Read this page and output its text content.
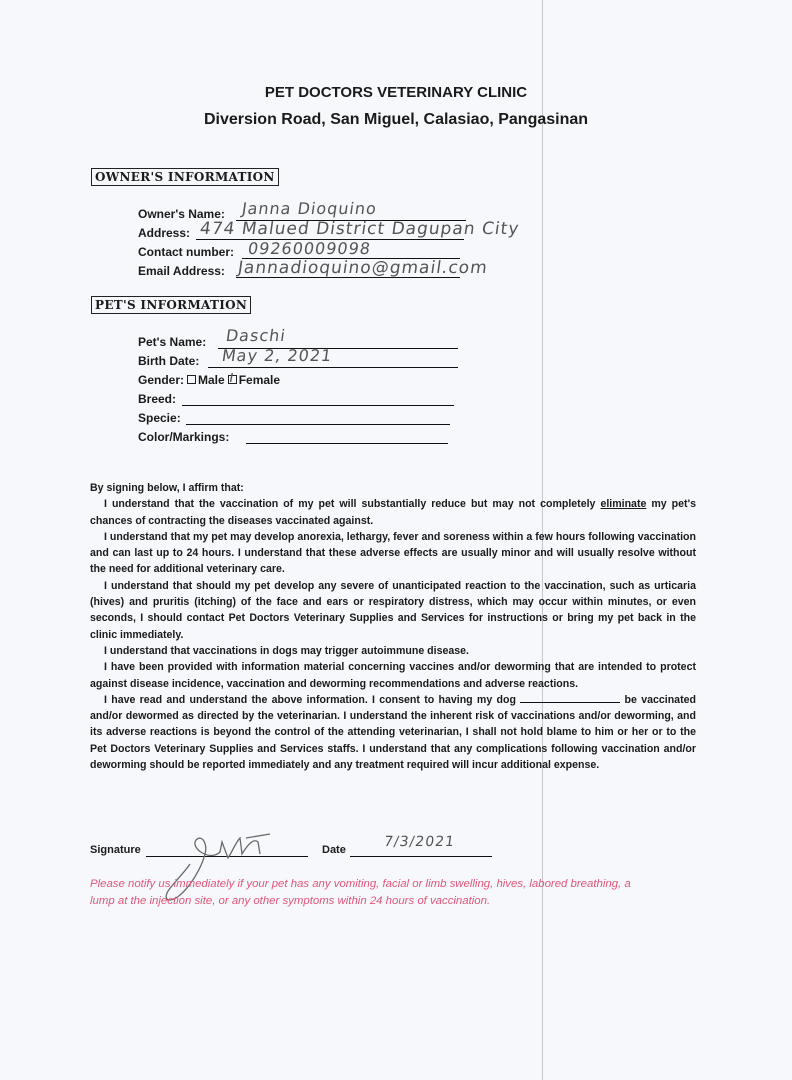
PET DOCTORS VETERINARY CLINIC
Diversion Road, San Miguel, Calasiao, Pangasinan
OWNER'S INFORMATION
Owner's Name: Janna Dioquino
Address: 474 Malued District Dagupan City
Contact number: 09260009098
Email Address: Jannadioquino@gmail.com
PET'S INFORMATION
Pet's Name: Daschi
Birth Date: May 2, 2021
Gender: Male / Female
Breed:
Specie:
Color/Markings:

By signing below, I affirm that:

I understand that the vaccination of my pet will substantially reduce but may not completely eliminate my pet's chances of contracting the diseases vaccinated against.

I understand that my pet may develop anorexia, lethargy, fever and soreness within a few hours following vaccination and can last up to 24 hours. I understand that these adverse effects are usually minor and will usually resolve without the need for additional veterinary care.

I understand that should my pet develop any severe of unanticipated reaction to the vaccination, such as urticaria (hives) and pruritis (itching) of the face and ears or respiratory distress, which may occur within minutes, or even seconds, I should contact Pet Doctors Veterinary Supplies and Services for instructions or bring my pet back in the clinic immediately.

I understand that vaccinations in dogs may trigger autoimmune disease.

I have been provided with information material concerning vaccines and/or deworming that are intended to protect against disease incidence, vaccination and deworming recommendations and adverse reactions.

I have read and understand the above information. I consent to having my dog	be vaccinated and/or dewormed as directed by the veterinarian. I understand the inherent risk of vaccinations and/or deworming, and its adverse reactions is beyond the control of the attending veterinarian, I shall not hold blame to him or her or to the Pet Doctors Veterinary Supplies and Services staffs. I understand that any complications following vaccination and/or deworming should be reported immediately and any treatment required will incur additional expense.

Signature	Date	7/3/2021
Please notify us immediately if your pet has any vomiting, facial or limb swelling, hives, labored breathing, a lump at the injection site, or any other symptoms within 24 hours of vaccination.
